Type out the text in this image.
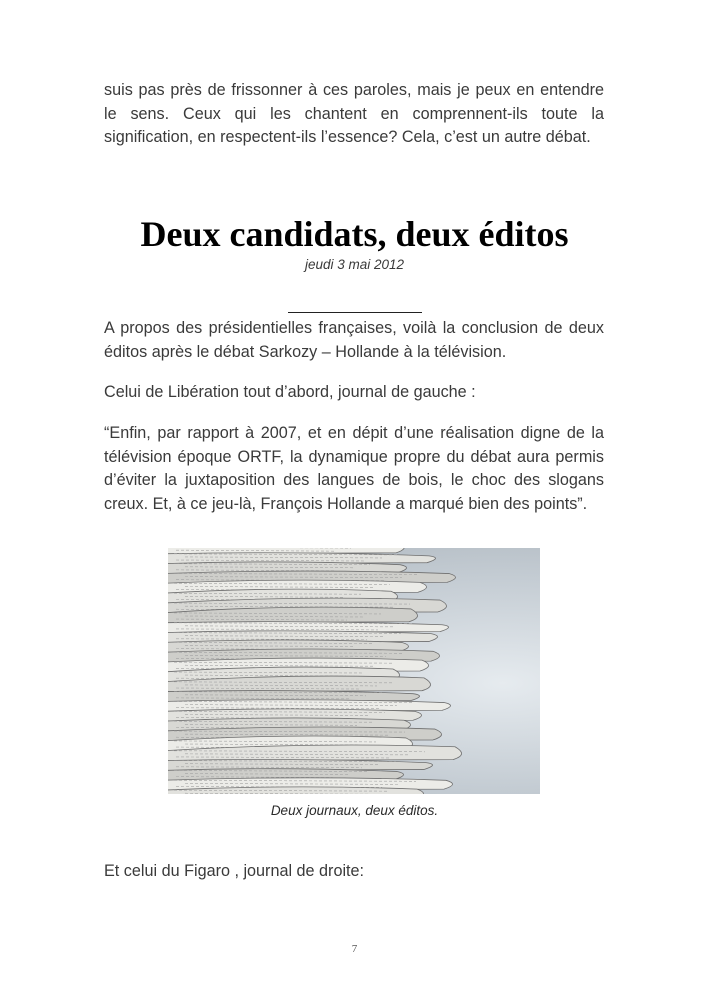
suis pas près de frissonner à ces paroles, mais je peux en entendre le sens. Ceux qui les chantent en comprennent-ils toute la signification, en respectent-ils l’essence? Cela, c’est un autre débat.

Deux candidats, deux éditos
jeudi 3 mai 2012

A propos des présidentielles françaises, voilà la conclusion de deux éditos après le débat Sarkozy – Hollande à la télévision.

Celui de Libération tout d’abord, journal de gauche :

“Enfin, par rapport à 2007, et en dépit d’une réalisation digne de la télévision époque ORTF, la dynamique propre du débat aura permis d’éviter la juxtaposition des langues de bois, le choc des slogans creux. Et, à ce jeu-là, François Hollande a marqué bien des points”.

Deux journaux, deux éditos.

Et celui du Figaro , journal de droite:

7
